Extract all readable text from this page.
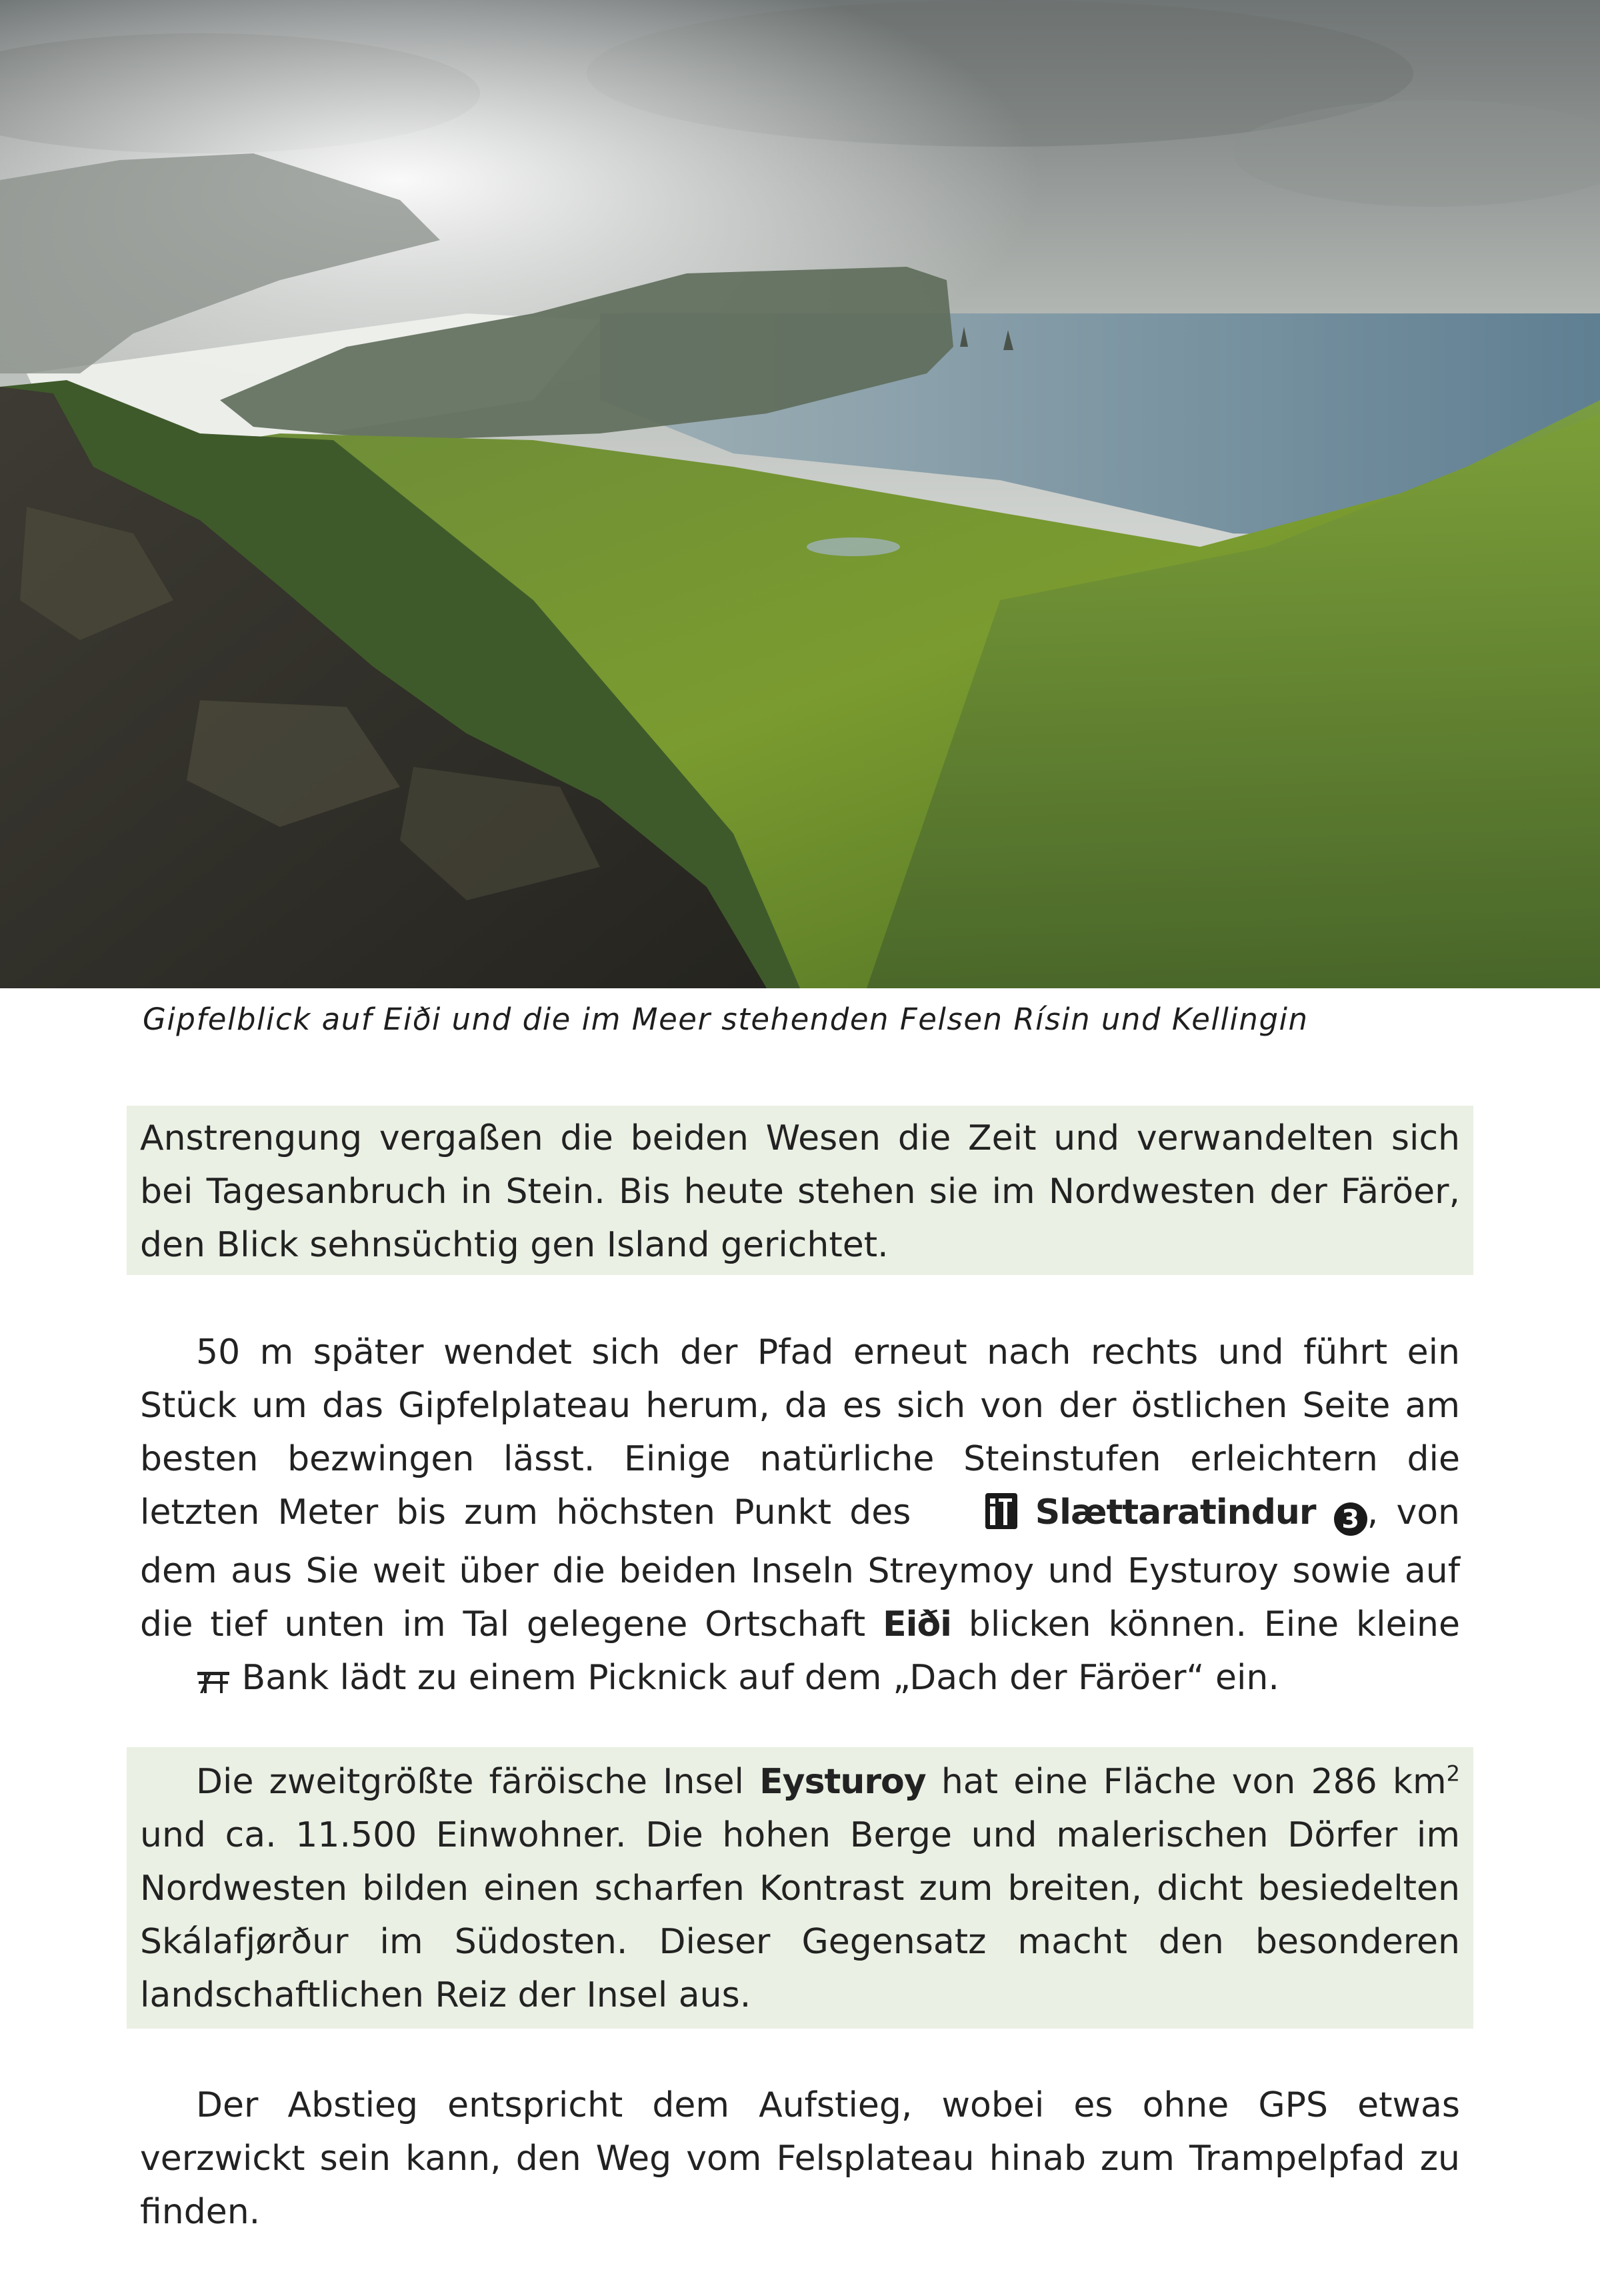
Gipfelblick auf Eiði und die im Meer stehenden Felsen Rísin und Kellingin

Anstrengung vergaßen die beiden Wesen die Zeit und verwandelten sich bei Tagesanbruch in Stein. Bis heute stehen sie im Nordwesten der Färöer, den Blick sehnsüchtig gen Island gerichtet.

50 m später wendet sich der Pfad erneut nach rechts und führt ein Stück um das Gipfelplateau herum, da es sich von der östlichen Seite am besten bezwingen lässt. Einige natürliche Steinstufen erleichtern die letzten Meter bis zum höchsten Punkt des	Slættaratindur 3 , von dem aus Sie weit über die beiden Inseln Streymoy und Eysturoy sowie auf die tief unten im Tal gelegene Ortschaft Eiði blicken können. Eine kleine  Bank lädt zu einem Picknick auf dem „Dach der Färöer“ ein.

Die zweitgrößte färöische Insel Eysturoy hat eine Fläche von 286 $km^2$ und ca. 11.500 Einwohner. Die hohen Berge und malerischen Dörfer im Nordwesten bilden einen scharfen Kontrast zum breiten, dicht besiedelten Skálafjørður im Südosten. Dieser Gegensatz macht den besonderen landschaftlichen Reiz der Insel aus.

Der Abstieg entspricht dem Aufstieg, wobei es ohne GPS etwas verzwickt sein kann, den Weg vom Felsplateau hinab zum Trampelpfad zu finden.
